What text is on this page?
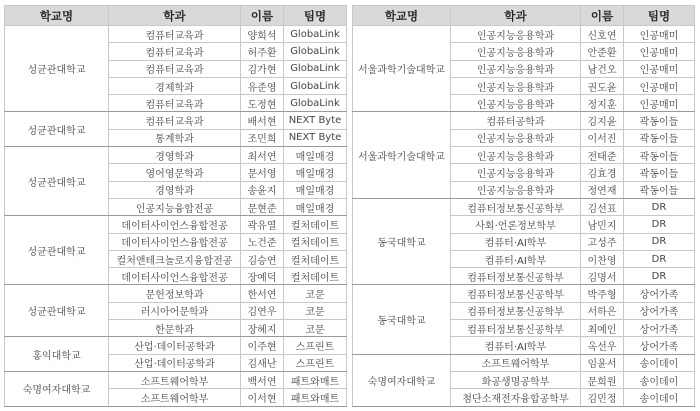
학교명	학과	이름	팀명
성균관대학교	컴퓨터교육과	양희석	GlobaLink
	컴퓨터교육과	허주환	GlobaLink
	컴퓨터교육과	김가현	GlobaLink
	경제학과	유준영	GlobaLink
	컴퓨터교육과	도정현	GlobaLink
성균관대학교	컴퓨터교육과	배서현	NEXT Byte
	통계학과	조민희	NEXT Byte
성균관대학교	경영학과	최서연	매일매경
	영어영문학과	문서영	매일매경
	경영학과	송윤지	매일매경
	인공지능융합전공	문현준	매일매경
성균관대학교	데이터사이언스융합전공	곽유열	컬처데이트
	데이터사이언스융합전공	노건준	컬처데이트
	컬처앤테크놀로지융합전공	김승연	컬처데이트
	데이터사이언스융합전공	장예덕	컬처데이트
성균관대학교	문헌정보학과	한서연	코문
	러시아어문학과	김연우	코문
	한문학과	장혜지	코문
홍익대학교	산업·데이터공학과	이주현	스프린트
	산업·데이터공학과	김새난	스프린트
숙명여자대학교	소프트웨어학부	백서연	패트와매트
	소프트웨어학부	이서현	패트와매트
학교명	학과	이름	팀명
서울과학기술대학교	인공지능응용학과	신호연	인공매미
	인공지능응용학과	안준환	인공매미
	인공지능응용학과	남건오	인공매미
	인공지능응용학과	권도윤	인공매미
	인공지능응용학과	정지훈	인공매미
서울과학기술대학교	컴퓨터공학과	김지윤	곽동이들
	인공지능응용학과	이서진	곽동이들
	인공지능응용학과	전태준	곽동이들
	인공지능응용학과	김효경	곽동이들
	인공지능응용학과	정연재	곽동이들
동국대학교	컴퓨터정보통신공학부	김선표	DR
	사회·언론정보학부	남민지	DR
	컴퓨터·AI학부	고성주	DR
	컴퓨터·AI학부	이찬영	DR
	컴퓨터정보통신공학부	김명서	DR
동국대학교	컴퓨터정보통신공학부	박주형	상어가족
	컴퓨터정보통신공학부	서하은	상어가족
	컴퓨터정보통신공학부	최예인	상어가족
	컴퓨터·AI학부	옥선우	상어가족
숙명여자대학교	소프트웨어학부	임윤서	송이데이
	화공생명공학부	문희원	송이데이
	첨단소재전자융합공학부	김민정	송이데이
